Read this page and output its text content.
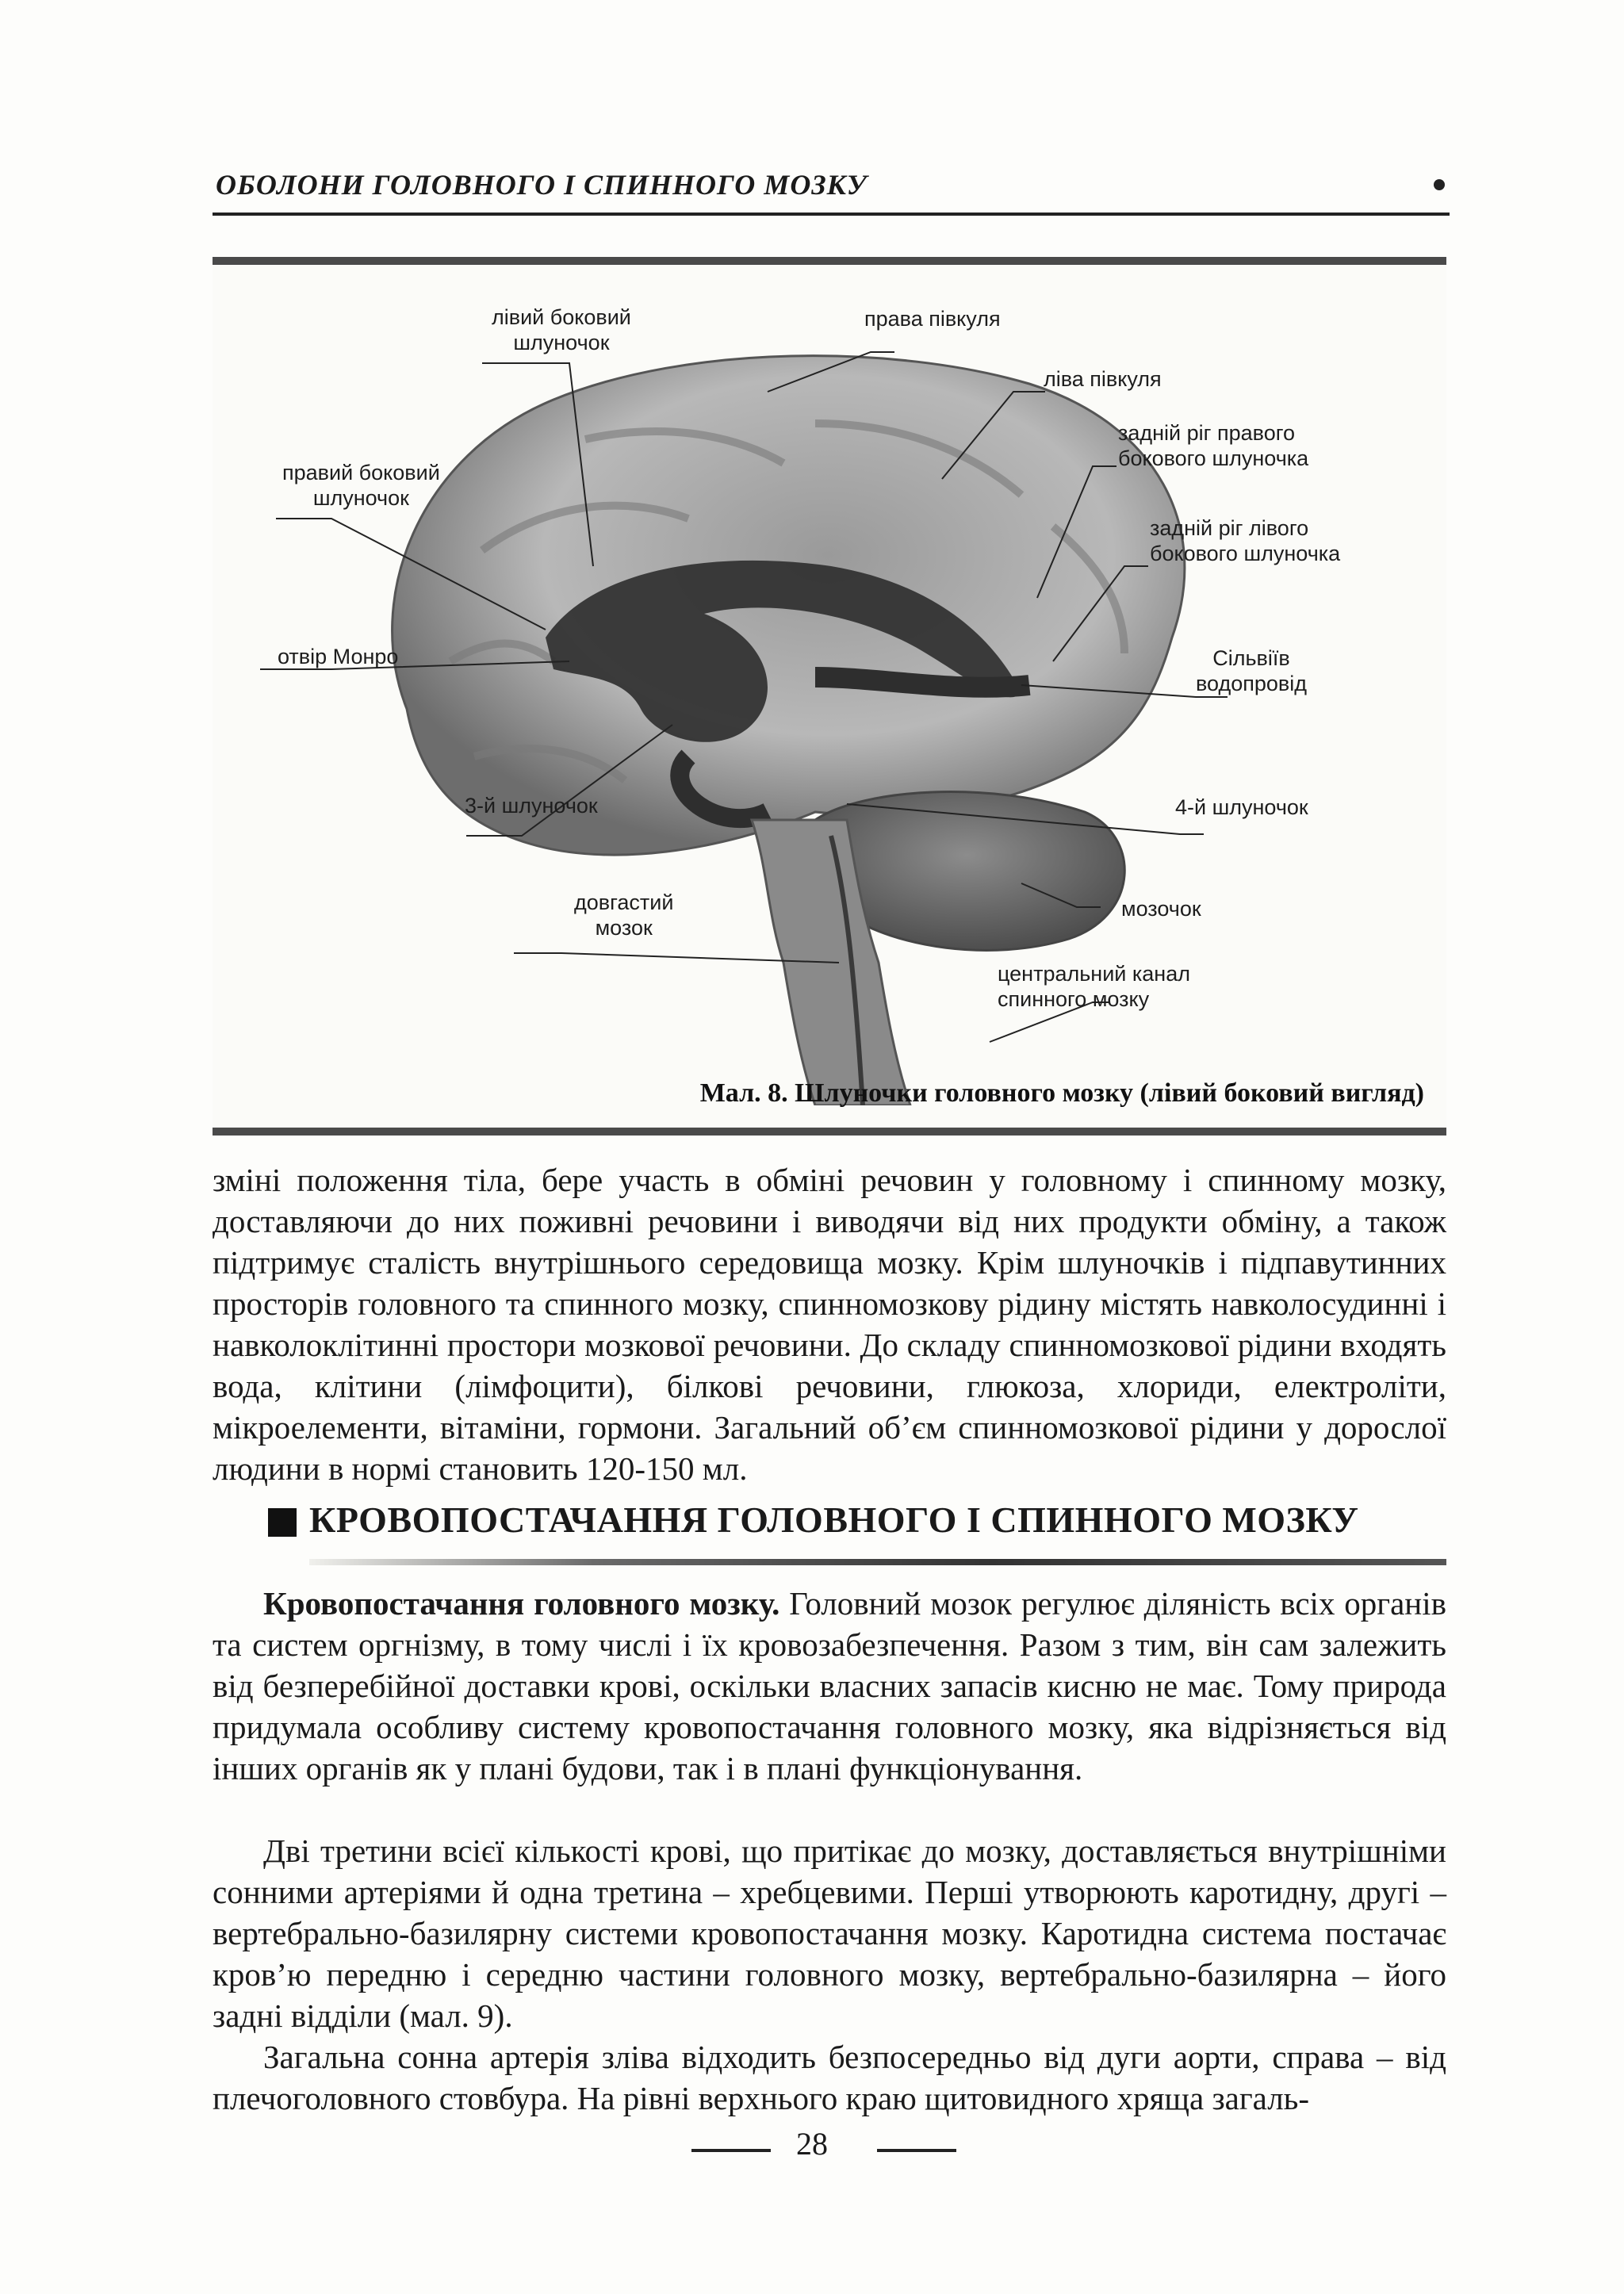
ОБОЛОНИ ГОЛОВНОГО І СПИННОГО МОЗКУ
лівий боковий
шлуночок
права півкуля
ліва півкуля
задній ріг правого
бокового шлуночка
задній ріг лівого
бокового шлуночка
правий боковий
шлуночок
отвір Монро	Сільвіїв
водопровід
3-й шлуночок	4-й шлуночок
довгастий
мозок
мозочок
центральний канал
спинного мозку
Мал. 8. Шлуночки головного мозку (лівий боковий вигляд)
зміні положення тіла, бере участь в обміні речовин у головному і спинному мозку, доставляючи до них поживні речовини і виводячи від них продукти обміну, а також підтримує сталість внутрішнього середовища мозку. Крім шлуночків і підпавутинних просторів головного та спинного мозку, спинномозкову рідину містять навколосудинні і навколоклітинні простори мозкової речовини. До складу спинномозкової рідини входять вода, клітини (лімфоцити), білкові речовини, глюкоза, хлориди, електроліти, мікроелементи, вітаміни, гормони. Загальний об’єм спинномозкової рідини у дорослої людини в нормі становить 120-150 мл.
КРОВОПОСТАЧАННЯ ГОЛОВНОГО І СПИННОГО МОЗКУ
Кровопостачання головного мозку. Головний мозок регулює діляність всіх органів та систем оргнізму, в тому числі і їх кровозабезпечення. Разом з тим, він сам залежить від безперебійної доставки крові, оскільки власних запасів кисню не має. Тому природа придумала особливу систему кровопостачання головного мозку, яка відрізняється від інших органів як у плані будови, так і в плані функціонування.
Дві третини всієї кількості крові, що притікає до мозку, доставляється внутрішніми сонними артеріями й одна третина – хребцевими. Перші утворюють каротидну, другі – вертебрально-базилярну системи кровопостачання мозку. Каротидна система постачає кров’ю передню і середню частини головного мозку, вертебрально-базилярна – його задні відділи (мал. 9).
Загальна сонна артерія зліва відходить безпосередньо від дуги аорти, справа – від плечоголовного стовбура. На рівні верхнього краю щитовидного хряща загаль-
28
